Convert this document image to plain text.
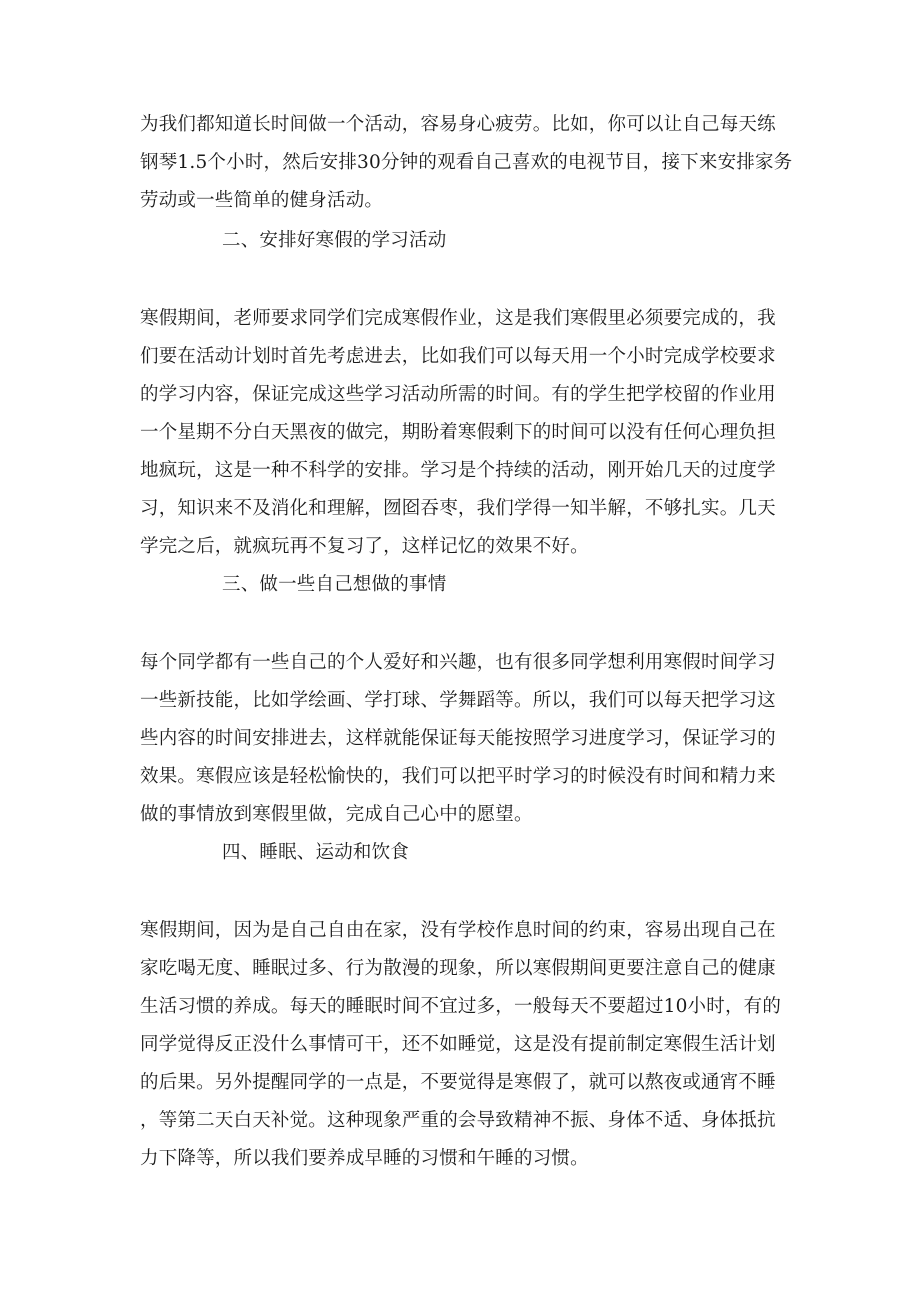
为我们都知道长时间做一个活动，容易身心疲劳。比如，你可以让自己每天练
钢琴1.5个小时，然后安排30分钟的观看自己喜欢的电视节目，接下来安排家务
劳动或一些简单的健身活动。
二、安排好寒假的学习活动
寒假期间，老师要求同学们完成寒假作业，这是我们寒假里必须要完成的，我
们要在活动计划时首先考虑进去，比如我们可以每天用一个小时完成学校要求
的学习内容，保证完成这些学习活动所需的时间。有的学生把学校留的作业用
一个星期不分白天黑夜的做完，期盼着寒假剩下的时间可以没有任何心理负担
地疯玩，这是一种不科学的安排。学习是个持续的活动，刚开始几天的过度学
习，知识来不及消化和理解，囫囵吞枣，我们学得一知半解，不够扎实。几天
学完之后，就疯玩再不复习了，这样记忆的效果不好。
三、做一些自己想做的事情
每个同学都有一些自己的个人爱好和兴趣，也有很多同学想利用寒假时间学习
一些新技能，比如学绘画、学打球、学舞蹈等。所以，我们可以每天把学习这
些内容的时间安排进去，这样就能保证每天能按照学习进度学习，保证学习的
效果。寒假应该是轻松愉快的，我们可以把平时学习的时候没有时间和精力来
做的事情放到寒假里做，完成自己心中的愿望。
四、睡眠、运动和饮食
寒假期间，因为是自己自由在家，没有学校作息时间的约束，容易出现自己在
家吃喝无度、睡眠过多、行为散漫的现象，所以寒假期间更要注意自己的健康
生活习惯的养成。每天的睡眠时间不宜过多，一般每天不要超过10小时，有的
同学觉得反正没什么事情可干，还不如睡觉，这是没有提前制定寒假生活计划
的后果。另外提醒同学的一点是，不要觉得是寒假了，就可以熬夜或通宵不睡
，等第二天白天补觉。这种现象严重的会导致精神不振、身体不适、身体抵抗
力下降等，所以我们要养成早睡的习惯和午睡的习惯。
